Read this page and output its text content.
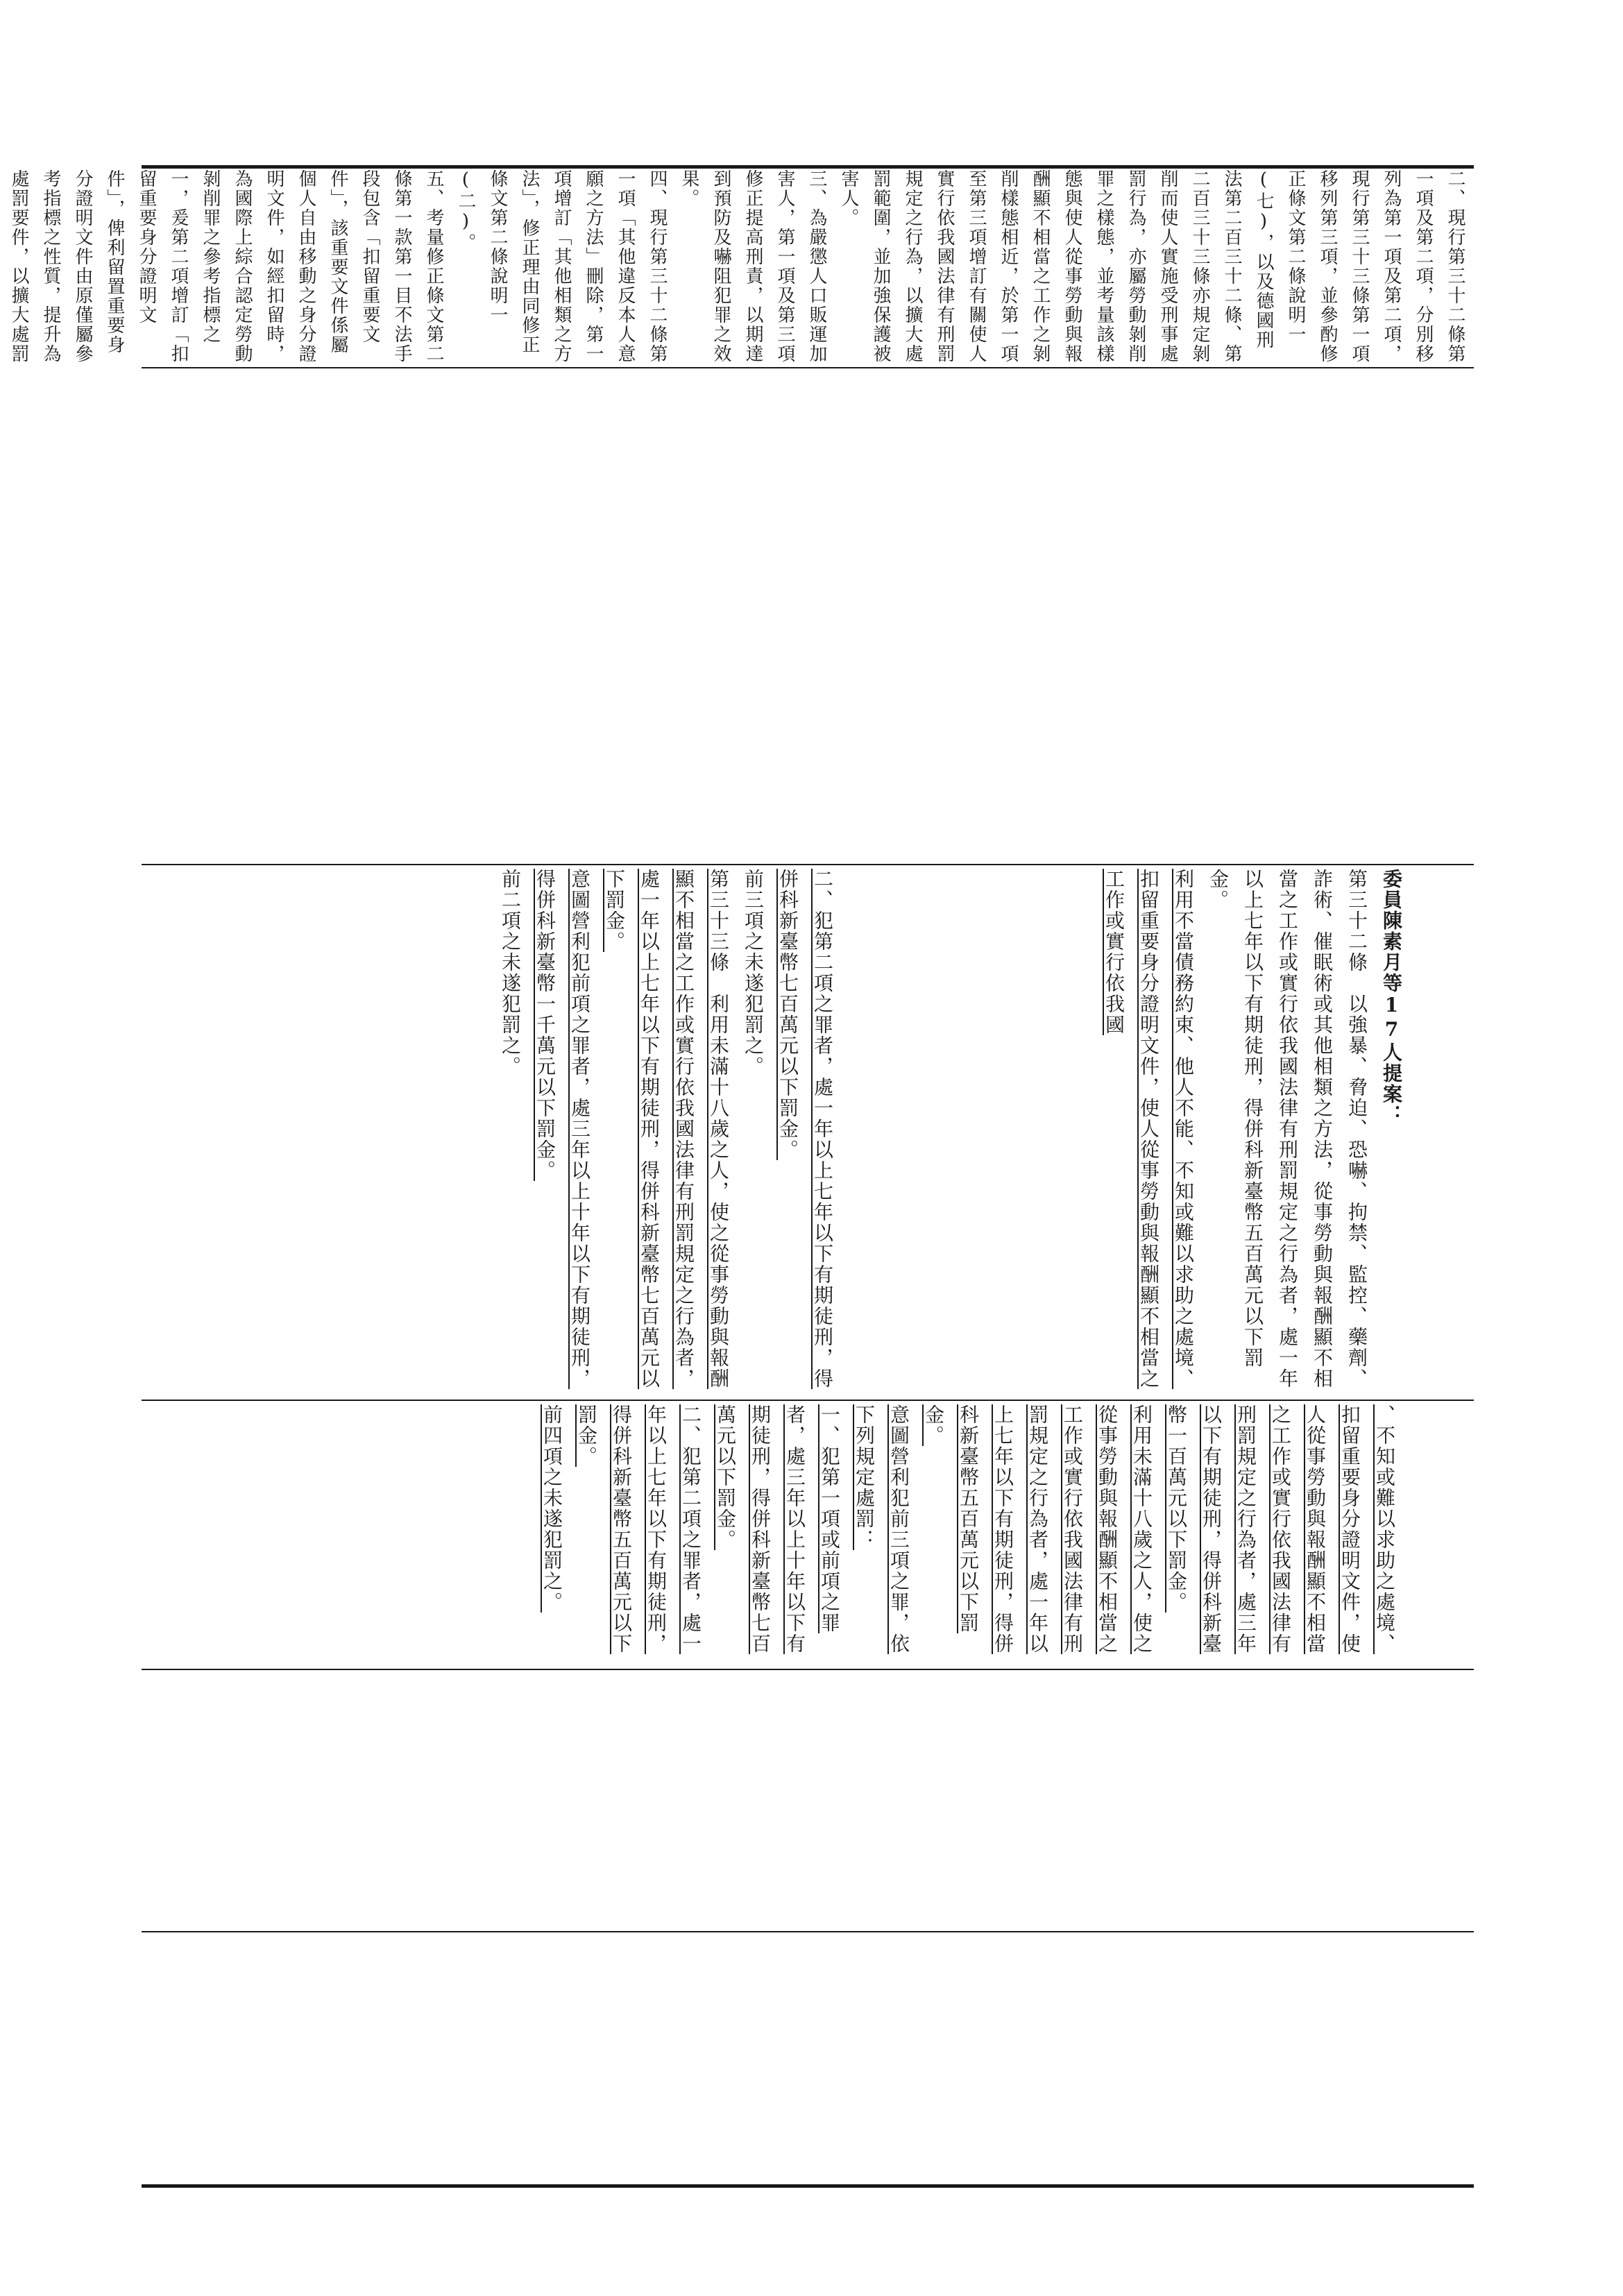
二、現行第三十二條第一項及第二項，分別移列為第一項及第二項，現行第三十三條第一項移列第三項，並參酌修正條文第二條說明一(七)，以及德國刑法第二百三十二條、第二百三十三條亦規定剝削而使人實施受刑事處罰行為，亦屬勞動剝削罪之樣態，並考量該樣態與使人從事勞動與報酬顯不相當之工作之剝削樣態相近，於第一項至第三項增訂有關使人實行依我國法律有刑罰規定之行為，以擴大處罰範圍，並加強保護被害人。

三、為嚴懲人口販運加害人，第一項及第三項修正提高刑責，以期達到預防及嚇阻犯罪之效果。

四、現行第三十二條第一項「其他違反本人意願之方法」刪除，第一項增訂「其他相類之方法」，修正理由同修正條文第二條說明一(二)。

五、考量修正條文第二條第一款第一目不法手段包含「扣留重要文件」，該重要文件係屬個人自由移動之身分證明文件，如經扣留時，為國際上綜合認定勞動剝削罪之參考指標之一，爰第二項增訂「扣留重要身分證明文件」，俾利留置重要身分證明文件由原僅屬參考指標之性質，提升為處罰要件，以擴大處罰

委員陳素月等17人提案：

第三十二條　以強暴、脅迫、恐嚇、拘禁、監控、藥劑、詐術、催眠術或其他相類之方法，從事勞動與報酬顯不相當之工作或實行依我國法律有刑罰規定之行為者，處一年以上七年以下有期徒刑，得併科新臺幣五百萬元以下罰金。

利用不當債務約束、他人不能、不知或難以求助之處境、扣留重要身分證明文件，使人從事勞動與報酬顯不相當之工作或實行依我國

二、犯第二項之罪者，處一年以上七年以下有期徒刑，得併科新臺幣七百萬元以下罰金。

前三項之未遂犯罰之。

第三十三條　利用未滿十八歲之人，使之從事勞動與報酬顯不相當之工作或實行依我國法律有刑罰規定之行為者，處一年以上七年以下有期徒刑，得併科新臺幣七百萬元以下罰金。

意圖營利犯前項之罪者，處三年以上十年以下有期徒刑，得併科新臺幣一千萬元以下罰金。

前二項之未遂犯罰之。

、不知或難以求助之處境、扣留重要身分證明文件，使人從事勞動與報酬顯不相當之工作或實行依我國法律有刑罰規定之行為者，處三年以下有期徒刑，得併科新臺幣一百萬元以下罰金。

利用未滿十八歲之人，使之從事勞動與報酬顯不相當之工作或實行依我國法律有刑罰規定之行為者，處一年以上七年以下有期徒刑，得併科新臺幣五百萬元以下罰金。

意圖營利犯前三項之罪，依下列規定處罰：

一、犯第一項或前項之罪者，處三年以上十年以下有期徒刑，得併科新臺幣七百萬元以下罰金。

二、犯第二項之罪者，處一年以上七年以下有期徒刑，得併科新臺幣五百萬元以下罰金。

前四項之未遂犯罰之。
